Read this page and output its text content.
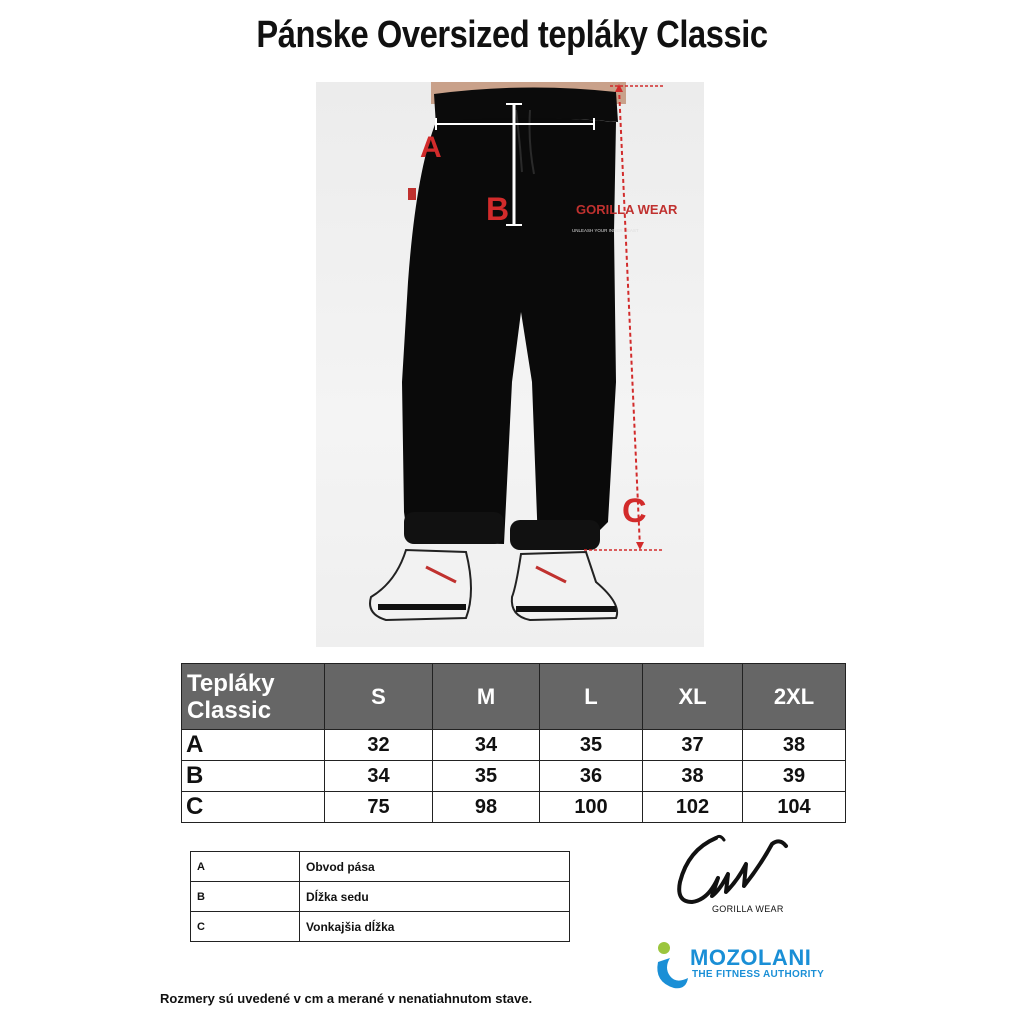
Pánske Oversized tepláky Classic
GORILLA WEAR
UNLEASH YOUR INNER BEAST
A
B
C
Tepláky
Classic	S	M	L	XL	2XL
A	32	34	35	37	38
B	34	35	36	38	39
C	75	98	100	102	104
A	Obvod pása
B	Dĺžka sedu
C	Vonkajšia dĺžka
GORILLA WEAR
MOZOLANI
THE FITNESS AUTHORITY
Rozmery sú uvedené v cm a merané v nenatiahnutom stave.
